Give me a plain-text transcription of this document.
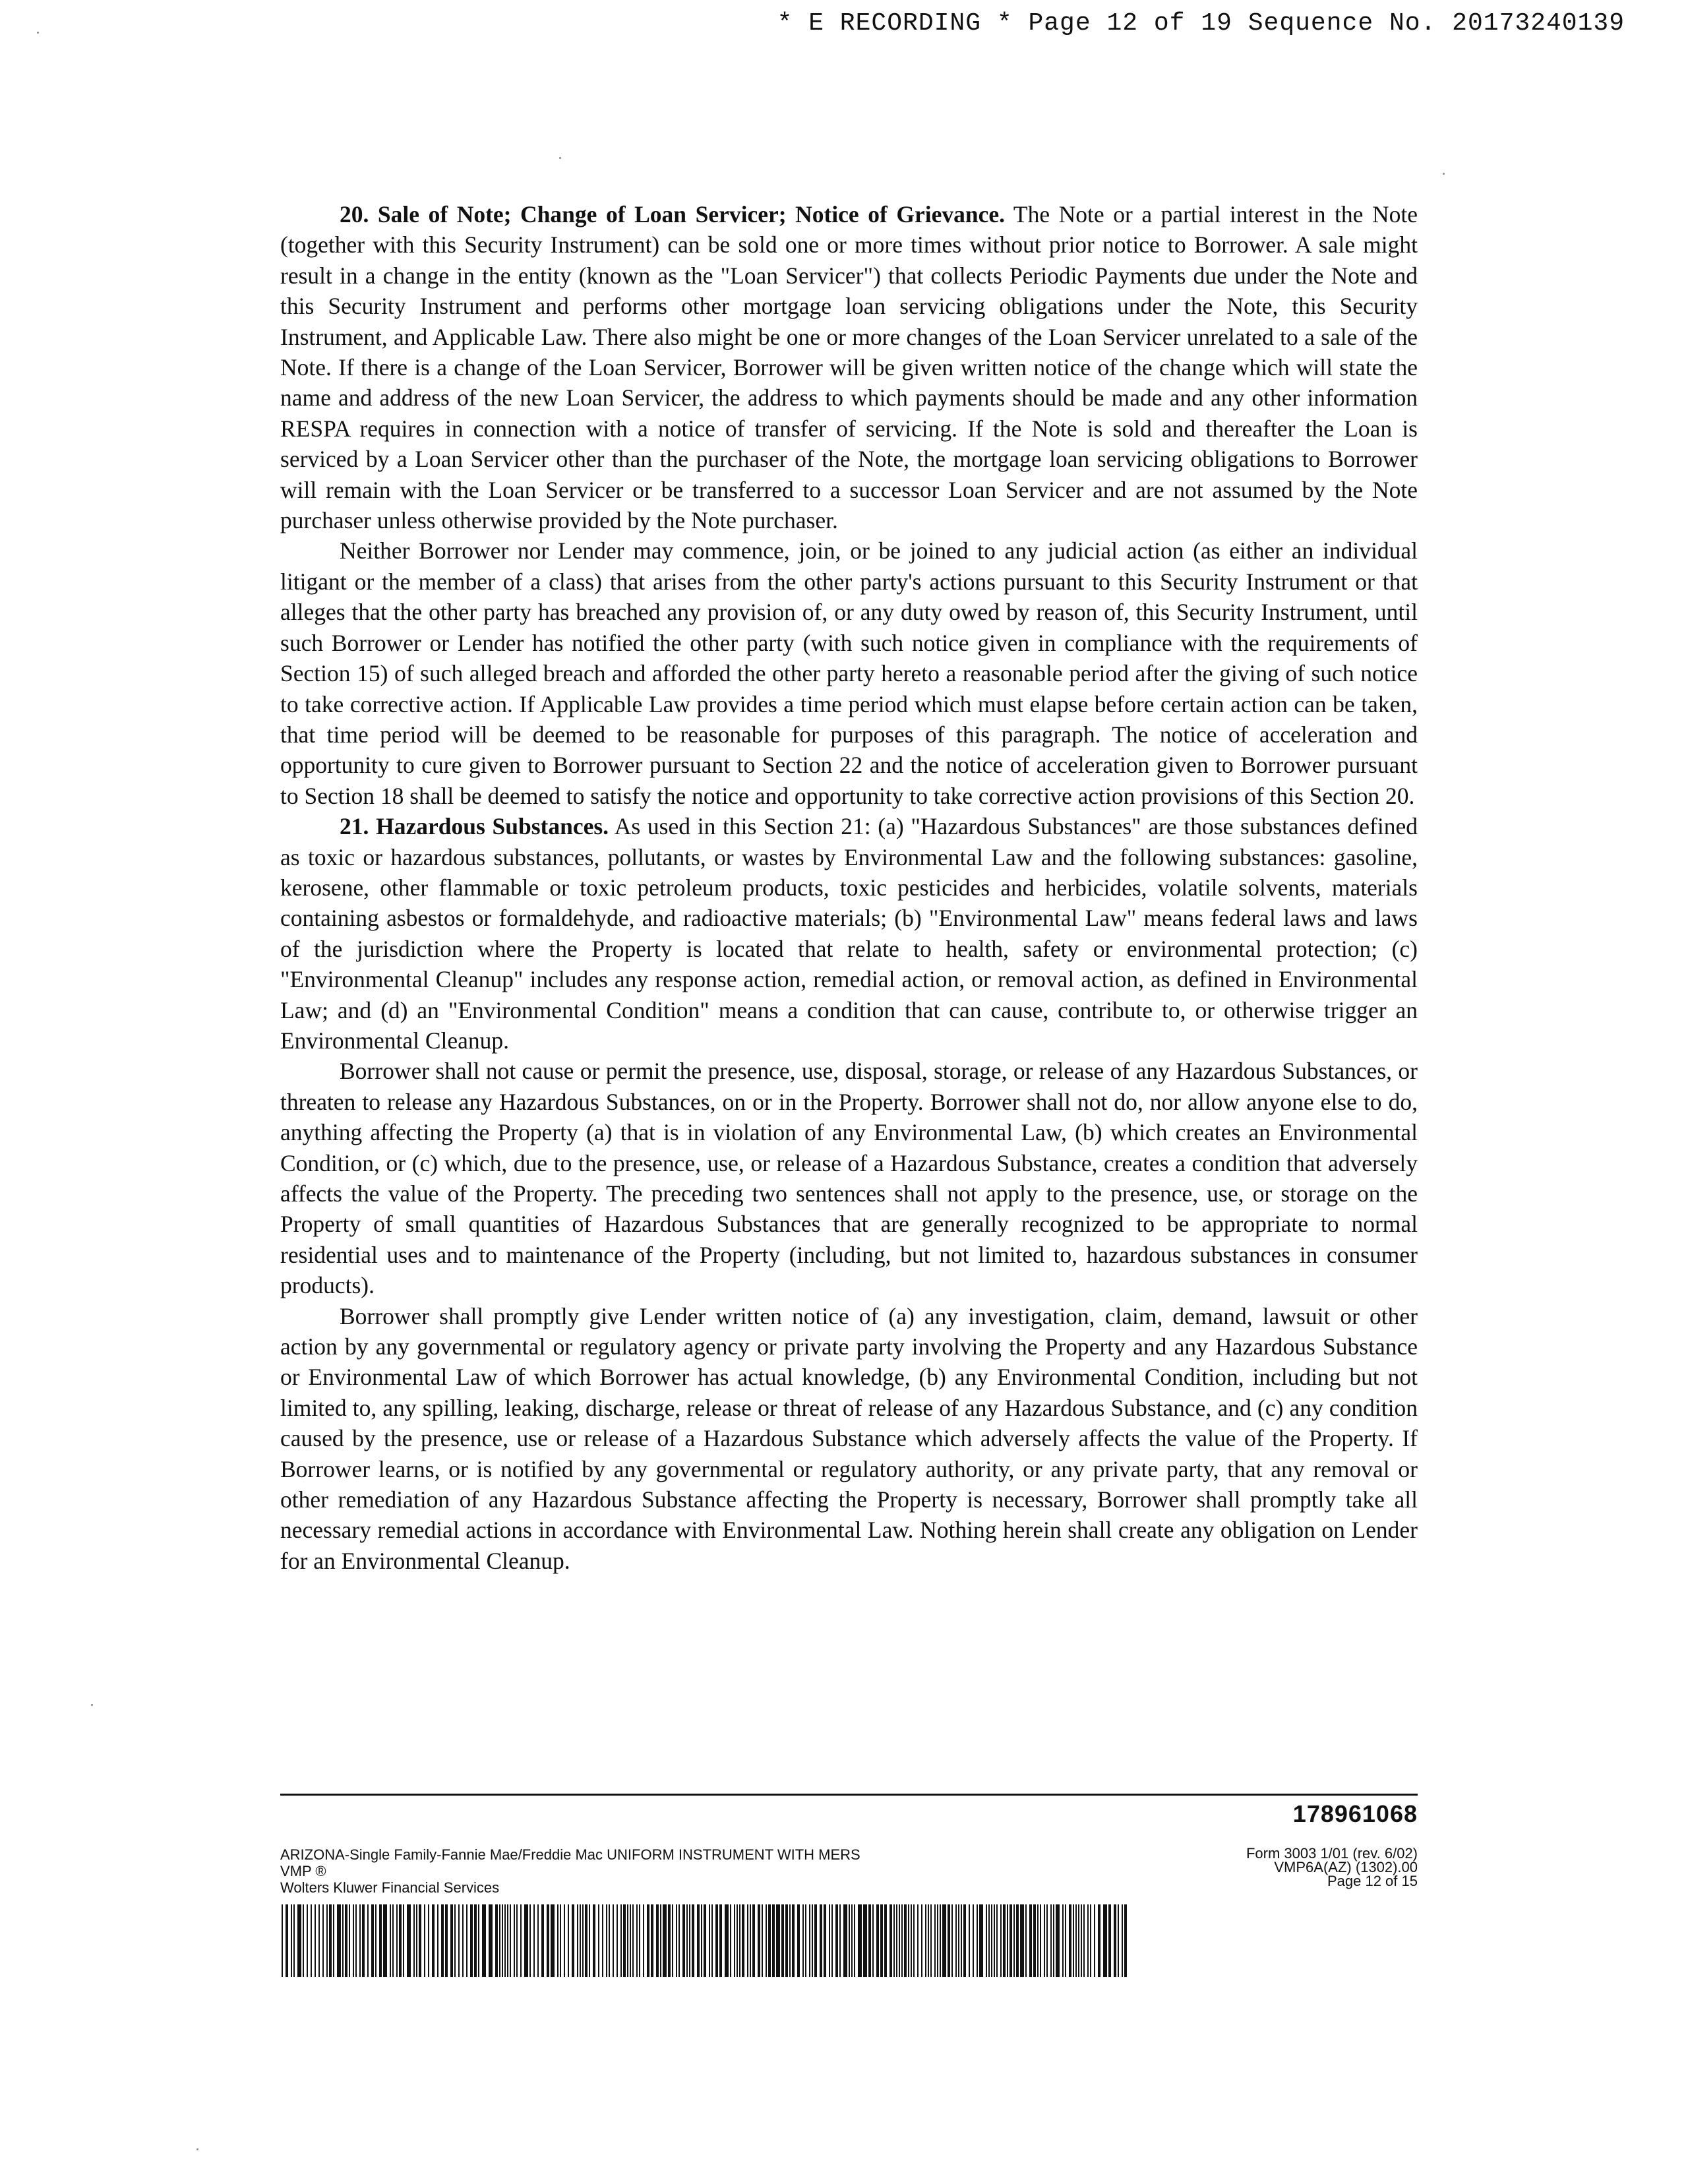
* E RECORDING * Page 12 of 19 Sequence No. 20173240139

20. Sale of Note; Change of Loan Servicer; Notice of Grievance. The Note or a partial interest in the Note (together with this Security Instrument) can be sold one or more times without prior notice to Borrower. A sale might result in a change in the entity (known as the "Loan Servicer") that collects Periodic Payments due under the Note and this Security Instrument and performs other mortgage loan servicing obligations under the Note, this Security Instrument, and Applicable Law. There also might be one or more changes of the Loan Servicer unrelated to a sale of the Note. If there is a change of the Loan Servicer, Borrower will be given written notice of the change which will state the name and address of the new Loan Servicer, the address to which payments should be made and any other information RESPA requires in connection with a notice of transfer of servicing. If the Note is sold and thereafter the Loan is serviced by a Loan Servicer other than the purchaser of the Note, the mortgage loan servicing obligations to Borrower will remain with the Loan Servicer or be transferred to a successor Loan Servicer and are not assumed by the Note purchaser unless otherwise provided by the Note purchaser.

Neither Borrower nor Lender may commence, join, or be joined to any judicial action (as either an individual litigant or the member of a class) that arises from the other party's actions pursuant to this Security Instrument or that alleges that the other party has breached any provision of, or any duty owed by reason of, this Security Instrument, until such Borrower or Lender has notified the other party (with such notice given in compliance with the requirements of Section 15) of such alleged breach and afforded the other party hereto a reasonable period after the giving of such notice to take corrective action. If Applicable Law provides a time period which must elapse before certain action can be taken, that time period will be deemed to be reasonable for purposes of this paragraph. The notice of acceleration and opportunity to cure given to Borrower pursuant to Section 22 and the notice of acceleration given to Borrower pursuant to Section 18 shall be deemed to satisfy the notice and opportunity to take corrective action provisions of this Section 20.

21. Hazardous Substances. As used in this Section 21: (a) "Hazardous Substances" are those substances defined as toxic or hazardous substances, pollutants, or wastes by Environmental Law and the following substances: gasoline, kerosene, other flammable or toxic petroleum products, toxic pesticides and herbicides, volatile solvents, materials containing asbestos or formaldehyde, and radioactive materials; (b) "Environmental Law" means federal laws and laws of the jurisdiction where the Property is located that relate to health, safety or environmental protection; (c) "Environmental Cleanup" includes any response action, remedial action, or removal action, as defined in Environmental Law; and (d) an "Environmental Condition" means a condition that can cause, contribute to, or otherwise trigger an Environmental Cleanup.

Borrower shall not cause or permit the presence, use, disposal, storage, or release of any Hazardous Substances, or threaten to release any Hazardous Substances, on or in the Property. Borrower shall not do, nor allow anyone else to do, anything affecting the Property (a) that is in violation of any Environmental Law, (b) which creates an Environmental Condition, or (c) which, due to the presence, use, or release of a Hazardous Substance, creates a condition that adversely affects the value of the Property. The preceding two sentences shall not apply to the presence, use, or storage on the Property of small quantities of Hazardous Substances that are generally recognized to be appropriate to normal residential uses and to maintenance of the Property (including, but not limited to, hazardous substances in consumer products).

Borrower shall promptly give Lender written notice of (a) any investigation, claim, demand, lawsuit or other action by any governmental or regulatory agency or private party involving the Property and any Hazardous Substance or Environmental Law of which Borrower has actual knowledge, (b) any Environmental Condition, including but not limited to, any spilling, leaking, discharge, release or threat of release of any Hazardous Substance, and (c) any condition caused by the presence, use or release of a Hazardous Substance which adversely affects the value of the Property. If Borrower learns, or is notified by any governmental or regulatory authority, or any private party, that any removal or other remediation of any Hazardous Substance affecting the Property is necessary, Borrower shall promptly take all necessary remedial actions in accordance with Environmental Law. Nothing herein shall create any obligation on Lender for an Environmental Cleanup.

178961068
ARIZONA-Single Family-Fannie Mae/Freddie Mac UNIFORM INSTRUMENT WITH MERS
VMP ®
Wolters Kluwer Financial Services
Form 3003 1/01 (rev. 6/02)
VMP6A(AZ) (1302).00
Page 12 of 15
